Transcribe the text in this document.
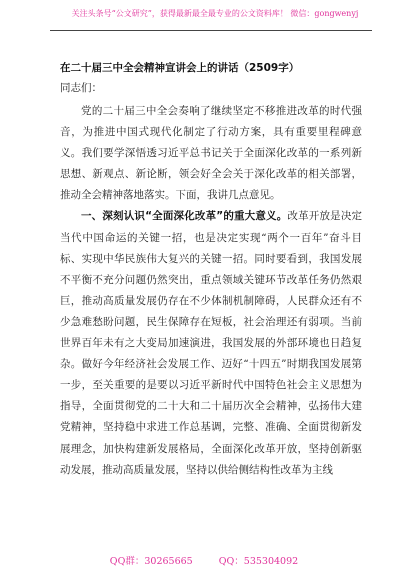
关注头条号“公文研究”，获得最新最全最专业的公文资料库！ 微信：gongwenyj
在二十届三中全会精神宣讲会上的讲话（2509字）
同志们：

党的二十届三中全会奏响了继续坚定不移推进改革的时代强音，为推进中国式现代化制定了行动方案，具有重要里程碑意义。我们要学深悟透习近平总书记关于全面深化改革的一系列新思想、新观点、新论断，领会好全会关于深化改革的相关部署，推动全会精神落地落实。下面，我讲几点意见。

一、深刻认识“全面深化改革”的重大意义。改革开放是决定当代中国命运的关键一招，也是决定实现“两个一百年”奋斗目标、实现中华民族伟大复兴的关键一招。同时要看到，我国发展不平衡不充分问题仍然突出，重点领域关键环节改革任务仍然艰巨，推动高质量发展仍存在不少体制机制障碍，人民群众还有不少急难愁盼问题，民生保障存在短板，社会治理还有弱项。当前世界百年未有之大变局加速演进，我国发展的外部环境也日趋复杂。做好今年经济社会发展工作、迈好“十四五”时期我国发展第一步，至关重要的是要以习近平新时代中国特色社会主义思想为指导，全面贯彻党的二十大和二十届历次全会精神，弘扬伟大建党精神，坚持稳中求进工作总基调，完整、准确、全面贯彻新发展理念，加快构建新发展格局，全面深化改革开放，坚持创新驱动发展，推动高质量发展，坚持以供给侧结构性改革为主线

QQ群：30265665	QQ：535304092
